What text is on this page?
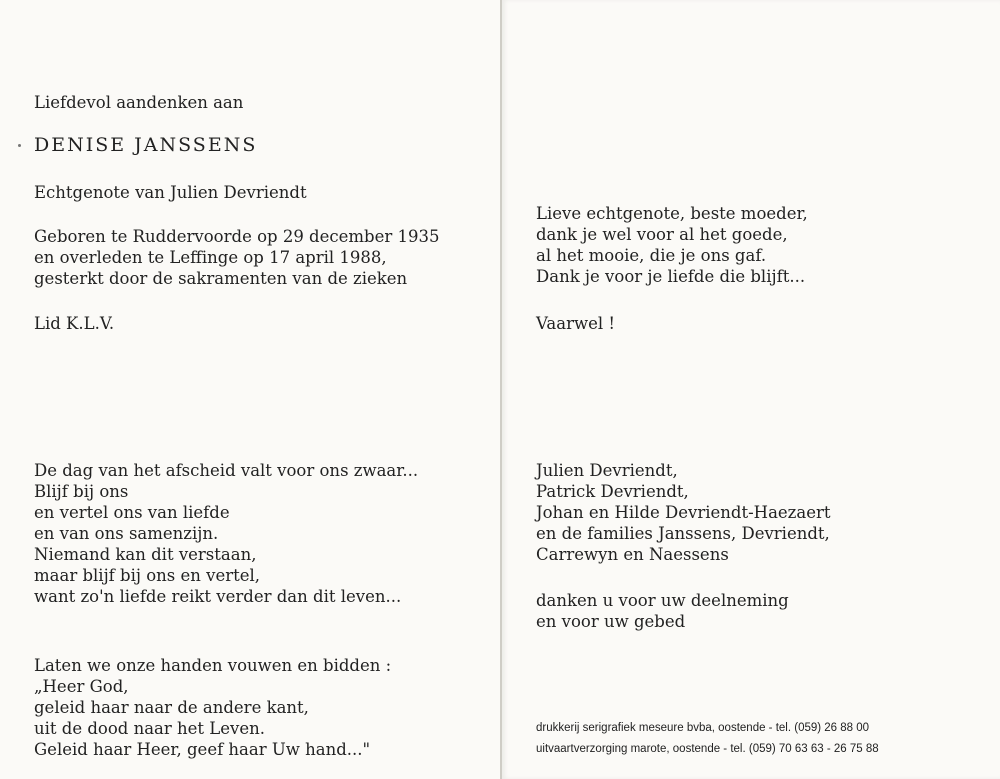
Liefdevol aandenken aan
DENISE JANSSENS
Echtgenote van Julien Devriendt
Geboren te Ruddervoorde op 29 december 1935
en overleden te Leffinge op 17 april 1988,
gesterkt door de sakramenten van de zieken
Lid K.L.V.
De dag van het afscheid valt voor ons zwaar...
Blijf bij ons
en vertel ons van liefde
en van ons samenzijn.
Niemand kan dit verstaan,
maar blijf bij ons en vertel,
want zo'n liefde reikt verder dan dit leven...
Laten we onze handen vouwen en bidden :
„Heer God,
geleid haar naar de andere kant,
uit de dood naar het Leven.
Geleid haar Heer, geef haar Uw hand..."
Lieve echtgenote, beste moeder,
dank je wel voor al het goede,
al het mooie, die je ons gaf.
Dank je voor je liefde die blijft...
Vaarwel !
Julien Devriendt,
Patrick Devriendt,
Johan en Hilde Devriendt-Haezaert
en de families Janssens, Devriendt,
Carrewyn en Naessens
danken u voor uw deelneming
en voor uw gebed
drukkerij serigrafiek meseure bvba, oostende - tel. (059) 26 88 00
uitvaartverzorging marote, oostende - tel. (059) 70 63 63 - 26 75 88
